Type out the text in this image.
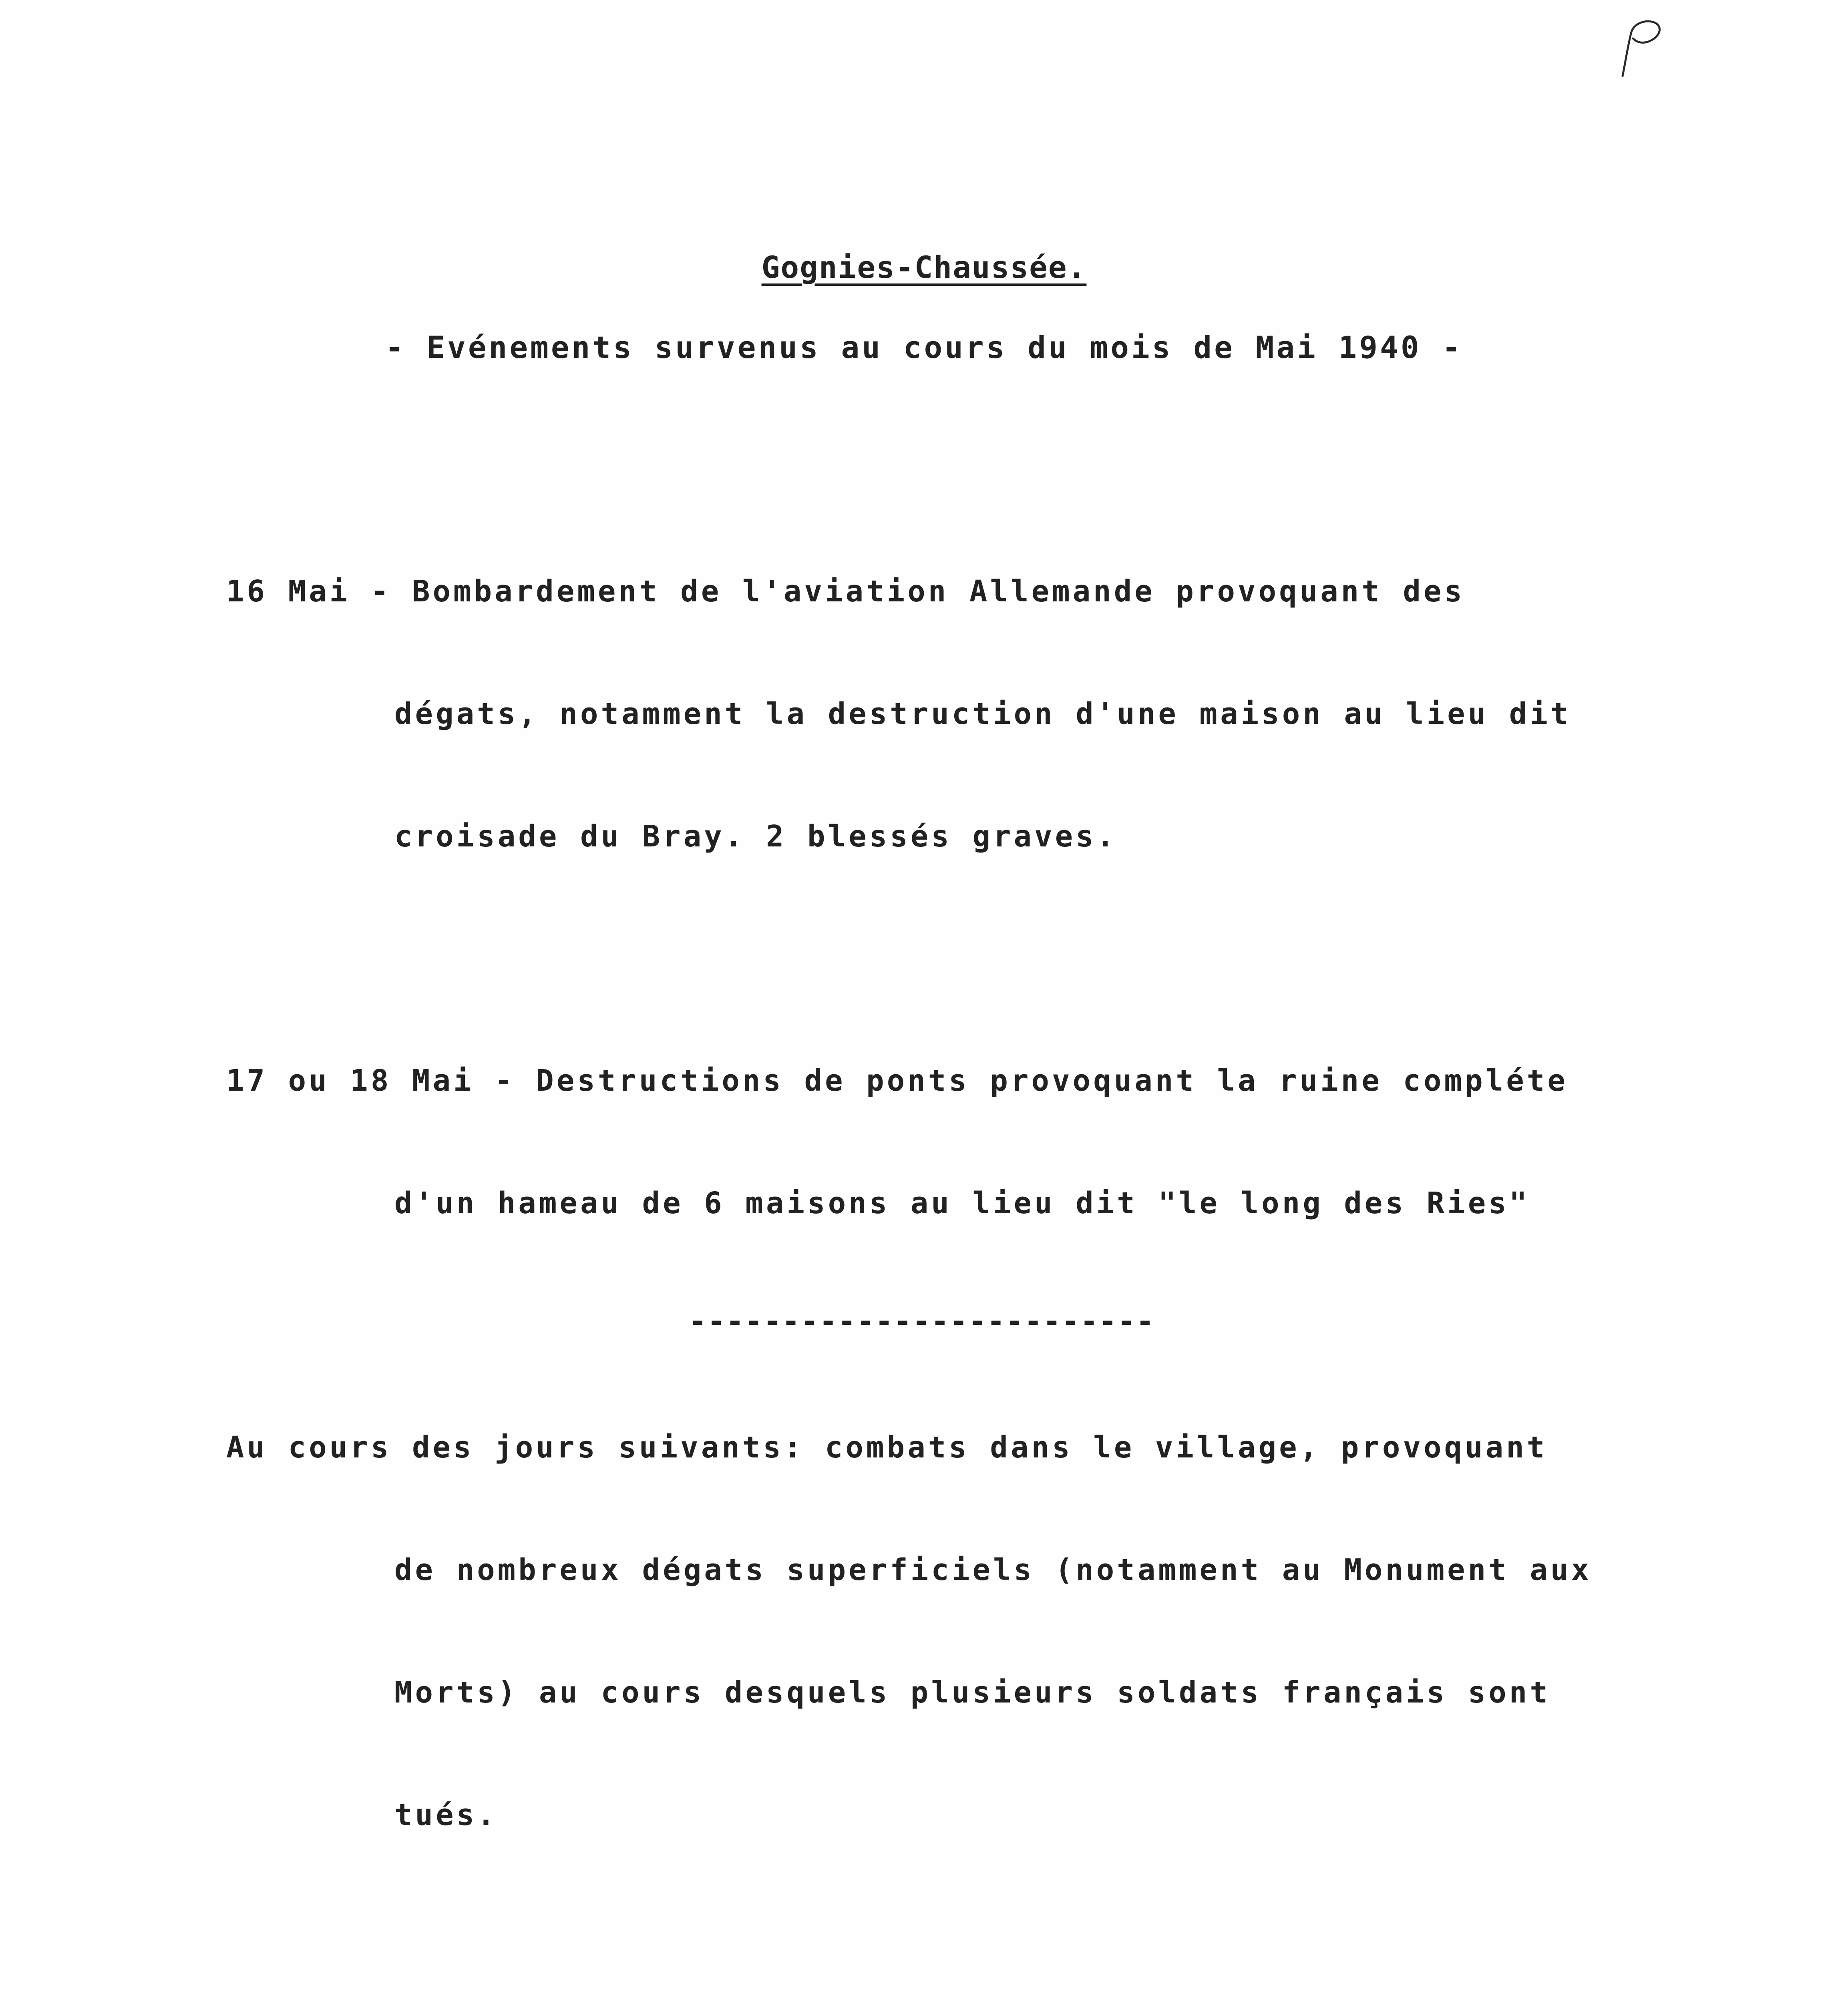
Gognies-Chaussée.
- Evénements survenus au cours du mois de Mai 1940 -

16 Mai - Bombardement de l'aviation Allemande provoquant des

dégats, notamment la destruction d'une maison au lieu dit

croisade du Bray. 2 blessés graves.

17 ou 18 Mai - Destructions de ponts provoquant la ruine compléte

d'un hameau de 6 maisons au lieu dit "le long des Ries"

Au cours des jours suivants: combats dans le village, provoquant

de nombreux dégats superficiels (notamment au Monument aux

Morts) au cours desquels plusieurs soldats français sont

tués.

-------------------------
